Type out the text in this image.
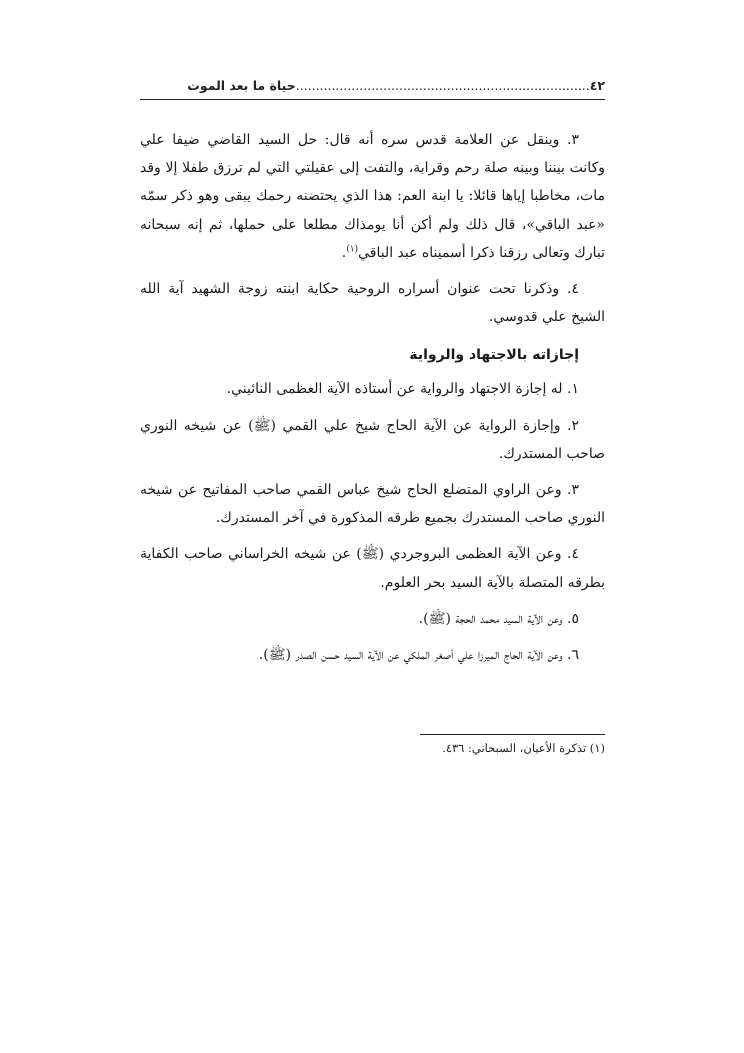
٤٢..........................................................................حياة ما بعد الموت

٣. وينقل عن العلامة قدس سره أنه قال: حل السيد القاضي ضيفا علي وكانت بيننا وبينه صلة رحم وقرابة، والتفت إلى عقيلتي التي لم ترزق طفلا إلا وقد مات، مخاطبا إياها قائلا: يا ابنة العم: هذا الذي يحتضنه رحمك يبقى وهو ذكر سمّه «عبد الباقي»، قال ذلك ولم أكن أنا يومذاك مطلعا على حملها، ثم إنه سبحانه تبارك وتعالى رزقنا ذكرا أسميناه عبد الباقي$^{(١)}$.

٤. وذكرنا تحت عنوان أسراره الروحية حكاية ابنته زوجة الشهيد آية الله الشيخ علي قدوسي.

إجازاته بالاجتهاد والرواية

١. له إجازة الاجتهاد والرواية عن أستاذه الآية العظمى النائيني.

٢. وإجازة الرواية عن الآية الحاج شيخ علي القمي (ﷺ) عن شيخه النوري صاحب المستدرك.

٣. وعن الراوي المتضلع الحاج شيخ عباس القمي صاحب المفاتيح عن شيخه النوري صاحب المستدرك بجميع طرقه المذكورة في آخر المستدرك.

٤. وعن الآية العظمى البروجردي (ﷺ) عن شيخه الخراساني صاحب الكفاية بطرقه المتصلة بالآية السيد بحر العلوم.

٥. وعن الآية السيد محمد الحجة (ﷺ).

٦. وعن الآية الحاج الميرزا علي أصغر الملكي عن الآية السيد حسن الصدر (ﷺ).

(١) تذكرة الأعيان، السبحاني: ٤٣٦.
